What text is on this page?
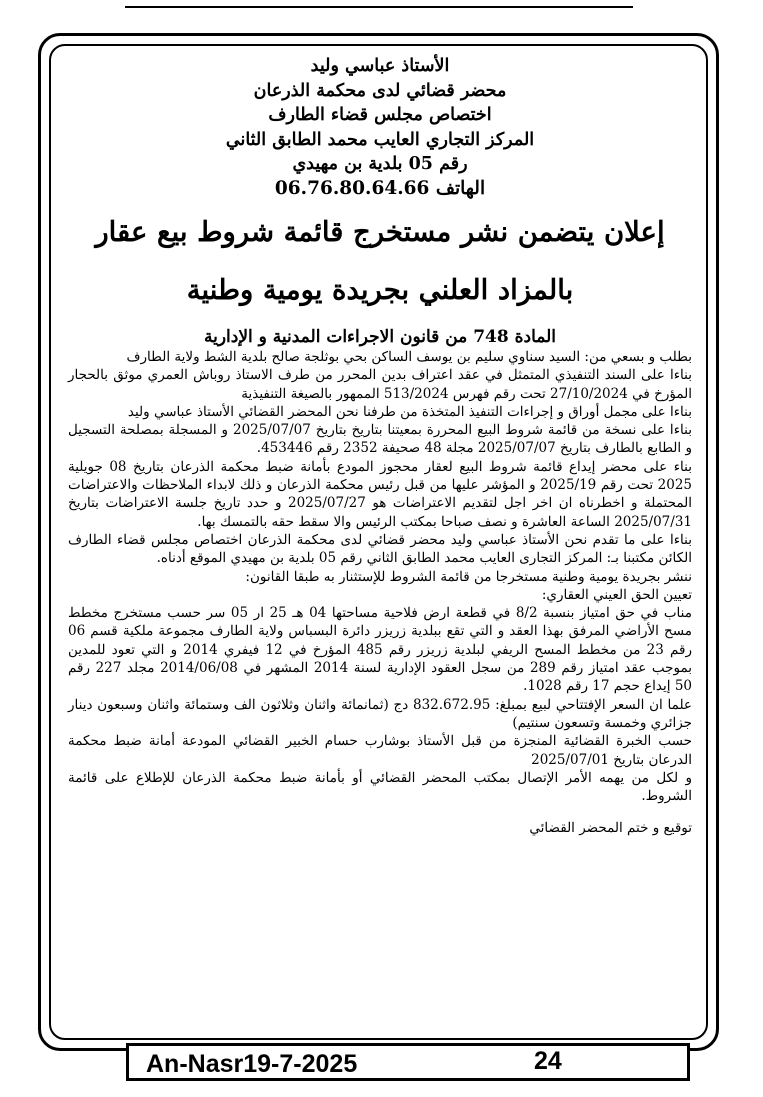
الأستاذ عباسي وليد

محضر قضائي لدى محكمة الذرعان

اختصاص مجلس قضاء الطارف

المركز التجاري العايب محمد الطابق الثاني

رقم 05 بلدية بن مهيدي

الهاتف 06.76.80.64.66

إعلان يتضمن نشر مستخرج قائمة شروط بيع عقار

بالمزاد العلني بجريدة يومية وطنية

المادة 748 من قانون الاجراءات المدنية و الإدارية

بطلب و بسعي من: السيد سناوي سليم بن يوسف الساكن بحي بوثلجة صالح بلدية الشط ولاية الطارف

بناءا على السند التنفيذي المتمثل في عقد اعتراف بدين المحرر من طرف الاستاذ روباش العمري موثق بالحجار المؤرخ في 27/10/2024 تحت رقم فهرس 513/2024 الممهور بالصيغة التنفيذية

بناءا على مجمل أوراق و إجراءات التنفيذ المتخذة من طرفنا نحن المحضر القضائي الأستاذ عباسي وليد

بناءا على نسخة من قائمة شروط البيع المحررة بمعيتنا بتاريخ بتاريخ 2025/07/07 و المسجلة بمصلحة التسجيل و الطابع بالطارف بتاريخ 2025/07/07 مجلة 48 صحيفة 2352 رقم 453446.

بناء على محضر إيداع قائمة شروط البيع لعقار محجوز المودع بأمانة ضبط محكمة الذرعان بتاريخ 08 جويلية 2025 تحت رقم 2025/19 و المؤشر عليها من قبل رئيس محكمة الذرعان و ذلك لابداء الملاحظات والاعتراضات المحتملة و اخطرناه ان اخر اجل لتقديم الاعتراضات هو 2025/07/27 و حدد تاريخ جلسة الاعتراضات بتاريخ 2025/07/31 الساعة العاشرة و نصف صباحا بمكتب الرئيس والا سقط حقه بالتمسك بها.

بناءا على ما تقدم نحن الأستاذ عباسي وليد محضر قضائي لدى محكمة الذرعان اختصاص مجلس قضاء الطارف الكائن مكتبنا بـ: المركز التجارى العايب محمد الطابق الثاني رقم 05 بلدية بن مهيدي الموقع أدناه.

ننشر بجريدة يومية وطنية مستخرجا من قائمة الشروط للإستثنار به طبقا القانون:

تعيين الحق العيني العقاري:

مناب في حق امتياز بنسبة 8/2 في قطعة ارض فلاحية مساحتها 04 هـ 25 ار 05 سر حسب مستخرج مخطط مسح الأراضي المرفق بهذا العقد و التي تقع ببلدية زريزر دائرة البسباس ولاية الطارف مجموعة ملكية قسم 06 رقم 23 من مخطط المسح الريفي لبلدية زريزر رقم 485 المؤرخ في 12 فيفري 2014 و التي تعود للمدين بموجب عقد امتياز رقم 289 من سجل العقود الإدارية لسنة 2014 المشهر في 2014/06/08 مجلد 227 رقم 50 إيداع حجم 17 رقم 1028.

علما ان السعر الإفتتاحي لبيع بمبلغ: 832.672.95 دج (ثمانمائة واثنان وثلاثون الف وستمائة واثنان وسبعون دينار جزائري وخمسة وتسعون سنتيم)

حسب الخبرة القضائية المنجزة من قبل الأستاذ بوشارب حسام الخبير القضائي المودعة أمانة ضبط محكمة الدرعان بتاريخ 2025/07/01

و لكل من يهمه الأمر الإتصال بمكتب المحضر القضائي أو بأمانة ضبط محكمة الذرعان للإطلاع على قائمة الشروط.

توقيع و ختم المحضر القضائي

An-Nasr19-7-2025	24
